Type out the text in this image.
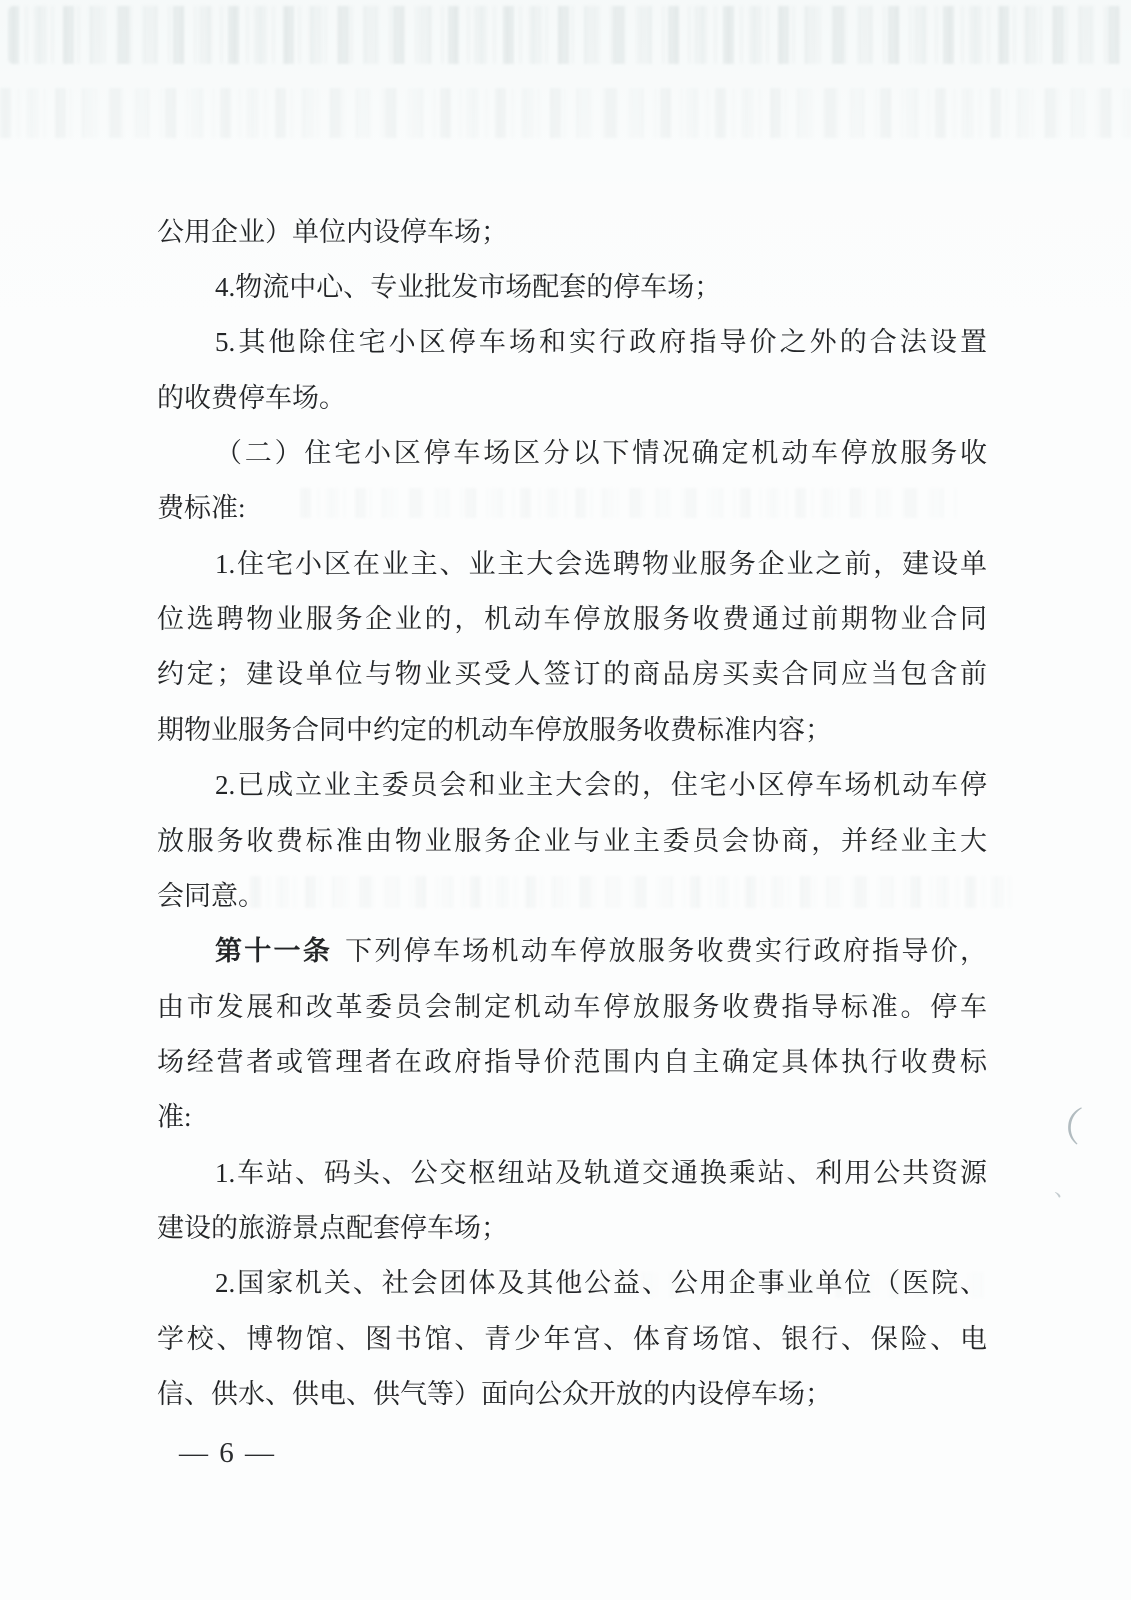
公用企业）单位内设停车场；
4.物流中心、专业批发市场配套的停车场；
5.其他除住宅小区停车场和实行政府指导价之外的合法设置
的收费停车场。
（二）住宅小区停车场区分以下情况确定机动车停放服务收
费标准:
1.住宅小区在业主、业主大会选聘物业服务企业之前，建设单
位选聘物业服务企业的，机动车停放服务收费通过前期物业合同
约定；建设单位与物业买受人签订的商品房买卖合同应当包含前
期物业服务合同中约定的机动车停放服务收费标准内容；
2.已成立业主委员会和业主大会的，住宅小区停车场机动车停
放服务收费标准由物业服务企业与业主委员会协商，并经业主大
会同意。
第十一条 下列停车场机动车停放服务收费实行政府指导价，
由市发展和改革委员会制定机动车停放服务收费指导标准。停车
场经营者或管理者在政府指导价范围内自主确定具体执行收费标
准:
1.车站、码头、公交枢纽站及轨道交通换乘站、利用公共资源
建设的旅游景点配套停车场；
2.国家机关、社会团体及其他公益、公用企事业单位（医院、
学校、博物馆、图书馆、青少年宫、体育场馆、银行、保险、电
信、供水、供电、供气等）面向公众开放的内设停车场；
（
、
— 6 —
